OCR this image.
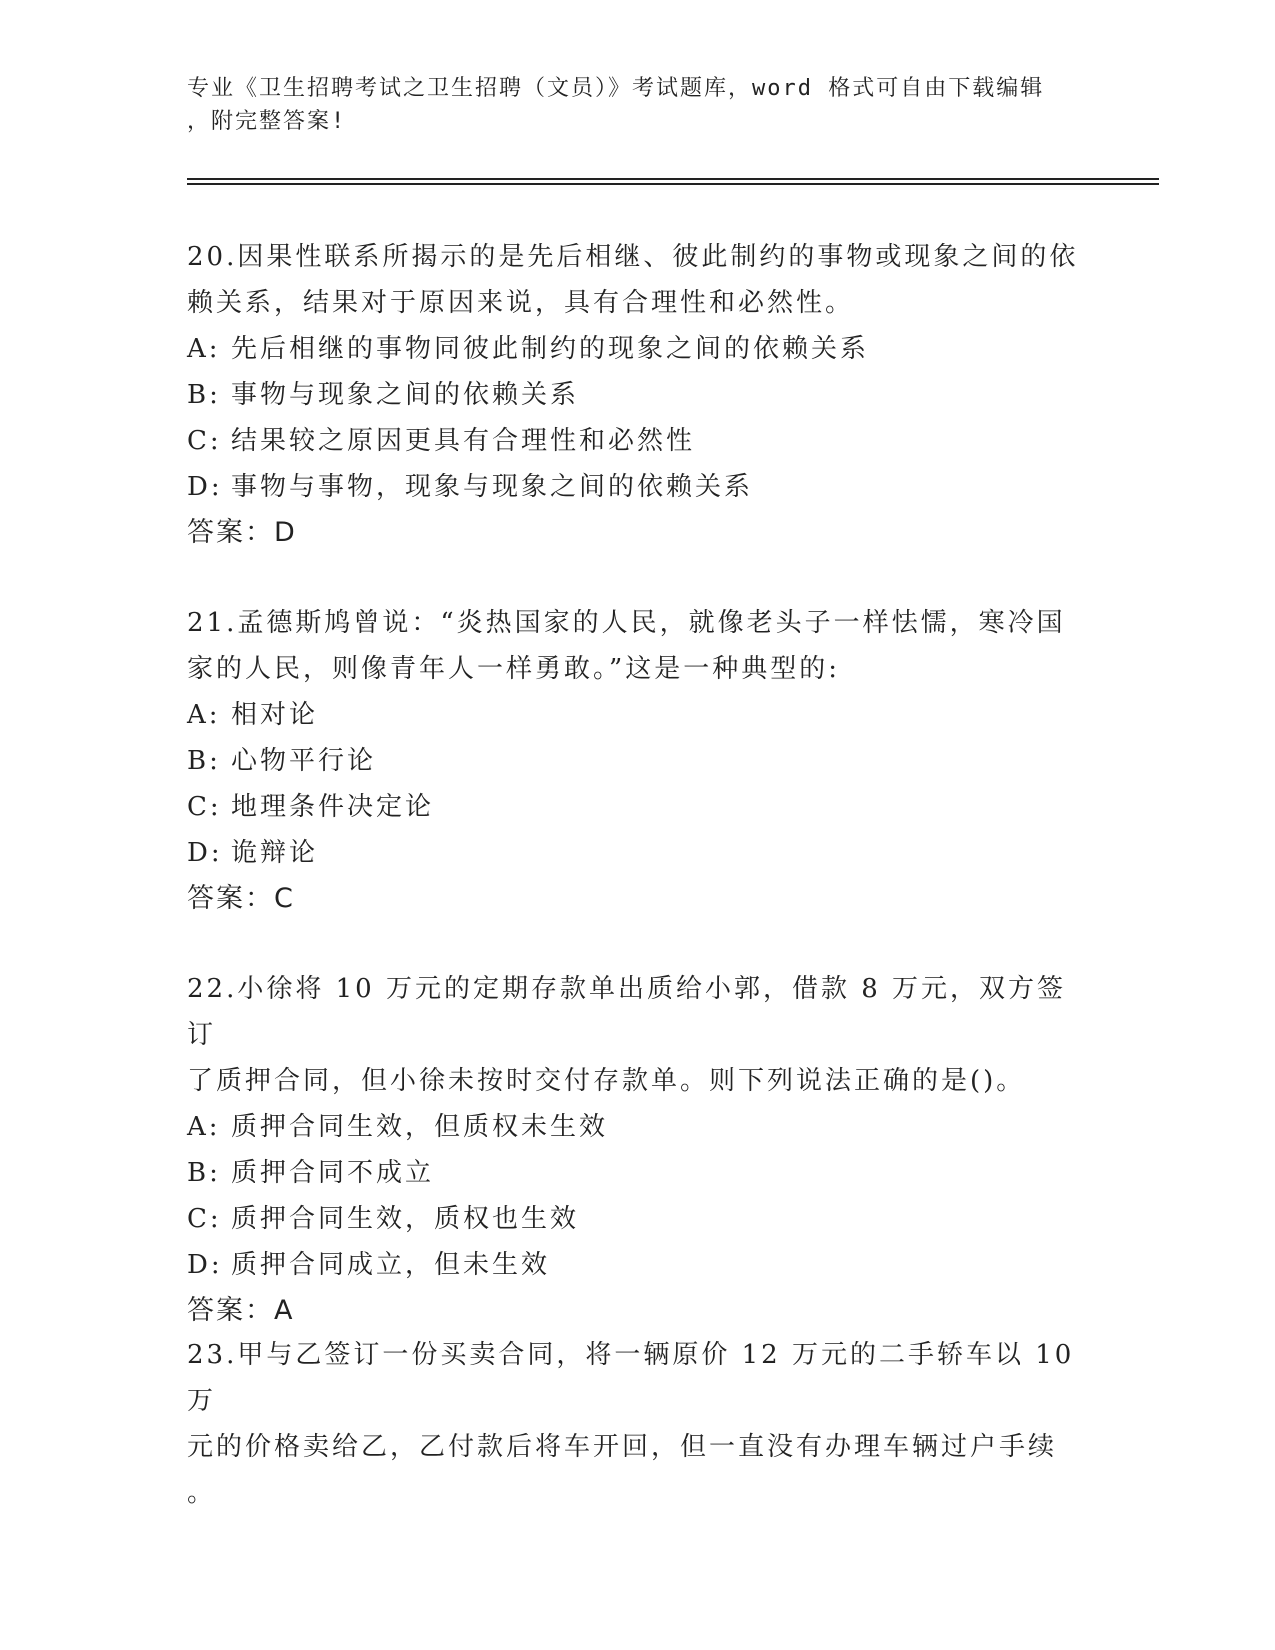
专业《卫生招聘考试之卫生招聘（文员）》考试题库，word 格式可自由下载编辑
，附完整答案!

20.因果性联系所揭示的是先后相继、彼此制约的事物或现象之间的依
赖关系，结果对于原因来说，具有合理性和必然性。

A: 先后相继的事物同彼此制约的现象之间的依赖关系
B: 事物与现象之间的依赖关系
C: 结果较之原因更具有合理性和必然性
D: 事物与事物，现象与现象之间的依赖关系

答案：D

21.孟德斯鸠曾说：“炎热国家的人民，就像老头子一样怯懦，寒冷国
家的人民，则像青年人一样勇敢。”这是一种典型的:

A: 相对论
B: 心物平行论
C: 地理条件决定论
D: 诡辩论

答案：C

22.小徐将 10 万元的定期存款单出质给小郭，借款 8 万元，双方签订
了质押合同，但小徐未按时交付存款单。则下列说法正确的是()。

A: 质押合同生效，但质权未生效
B: 质押合同不成立
C: 质押合同生效，质权也生效
D: 质押合同成立，但未生效

答案：A

23.甲与乙签订一份买卖合同，将一辆原价 12 万元的二手轿车以 10 万
元的价格卖给乙，乙付款后将车开回，但一直没有办理车辆过户手续
。
